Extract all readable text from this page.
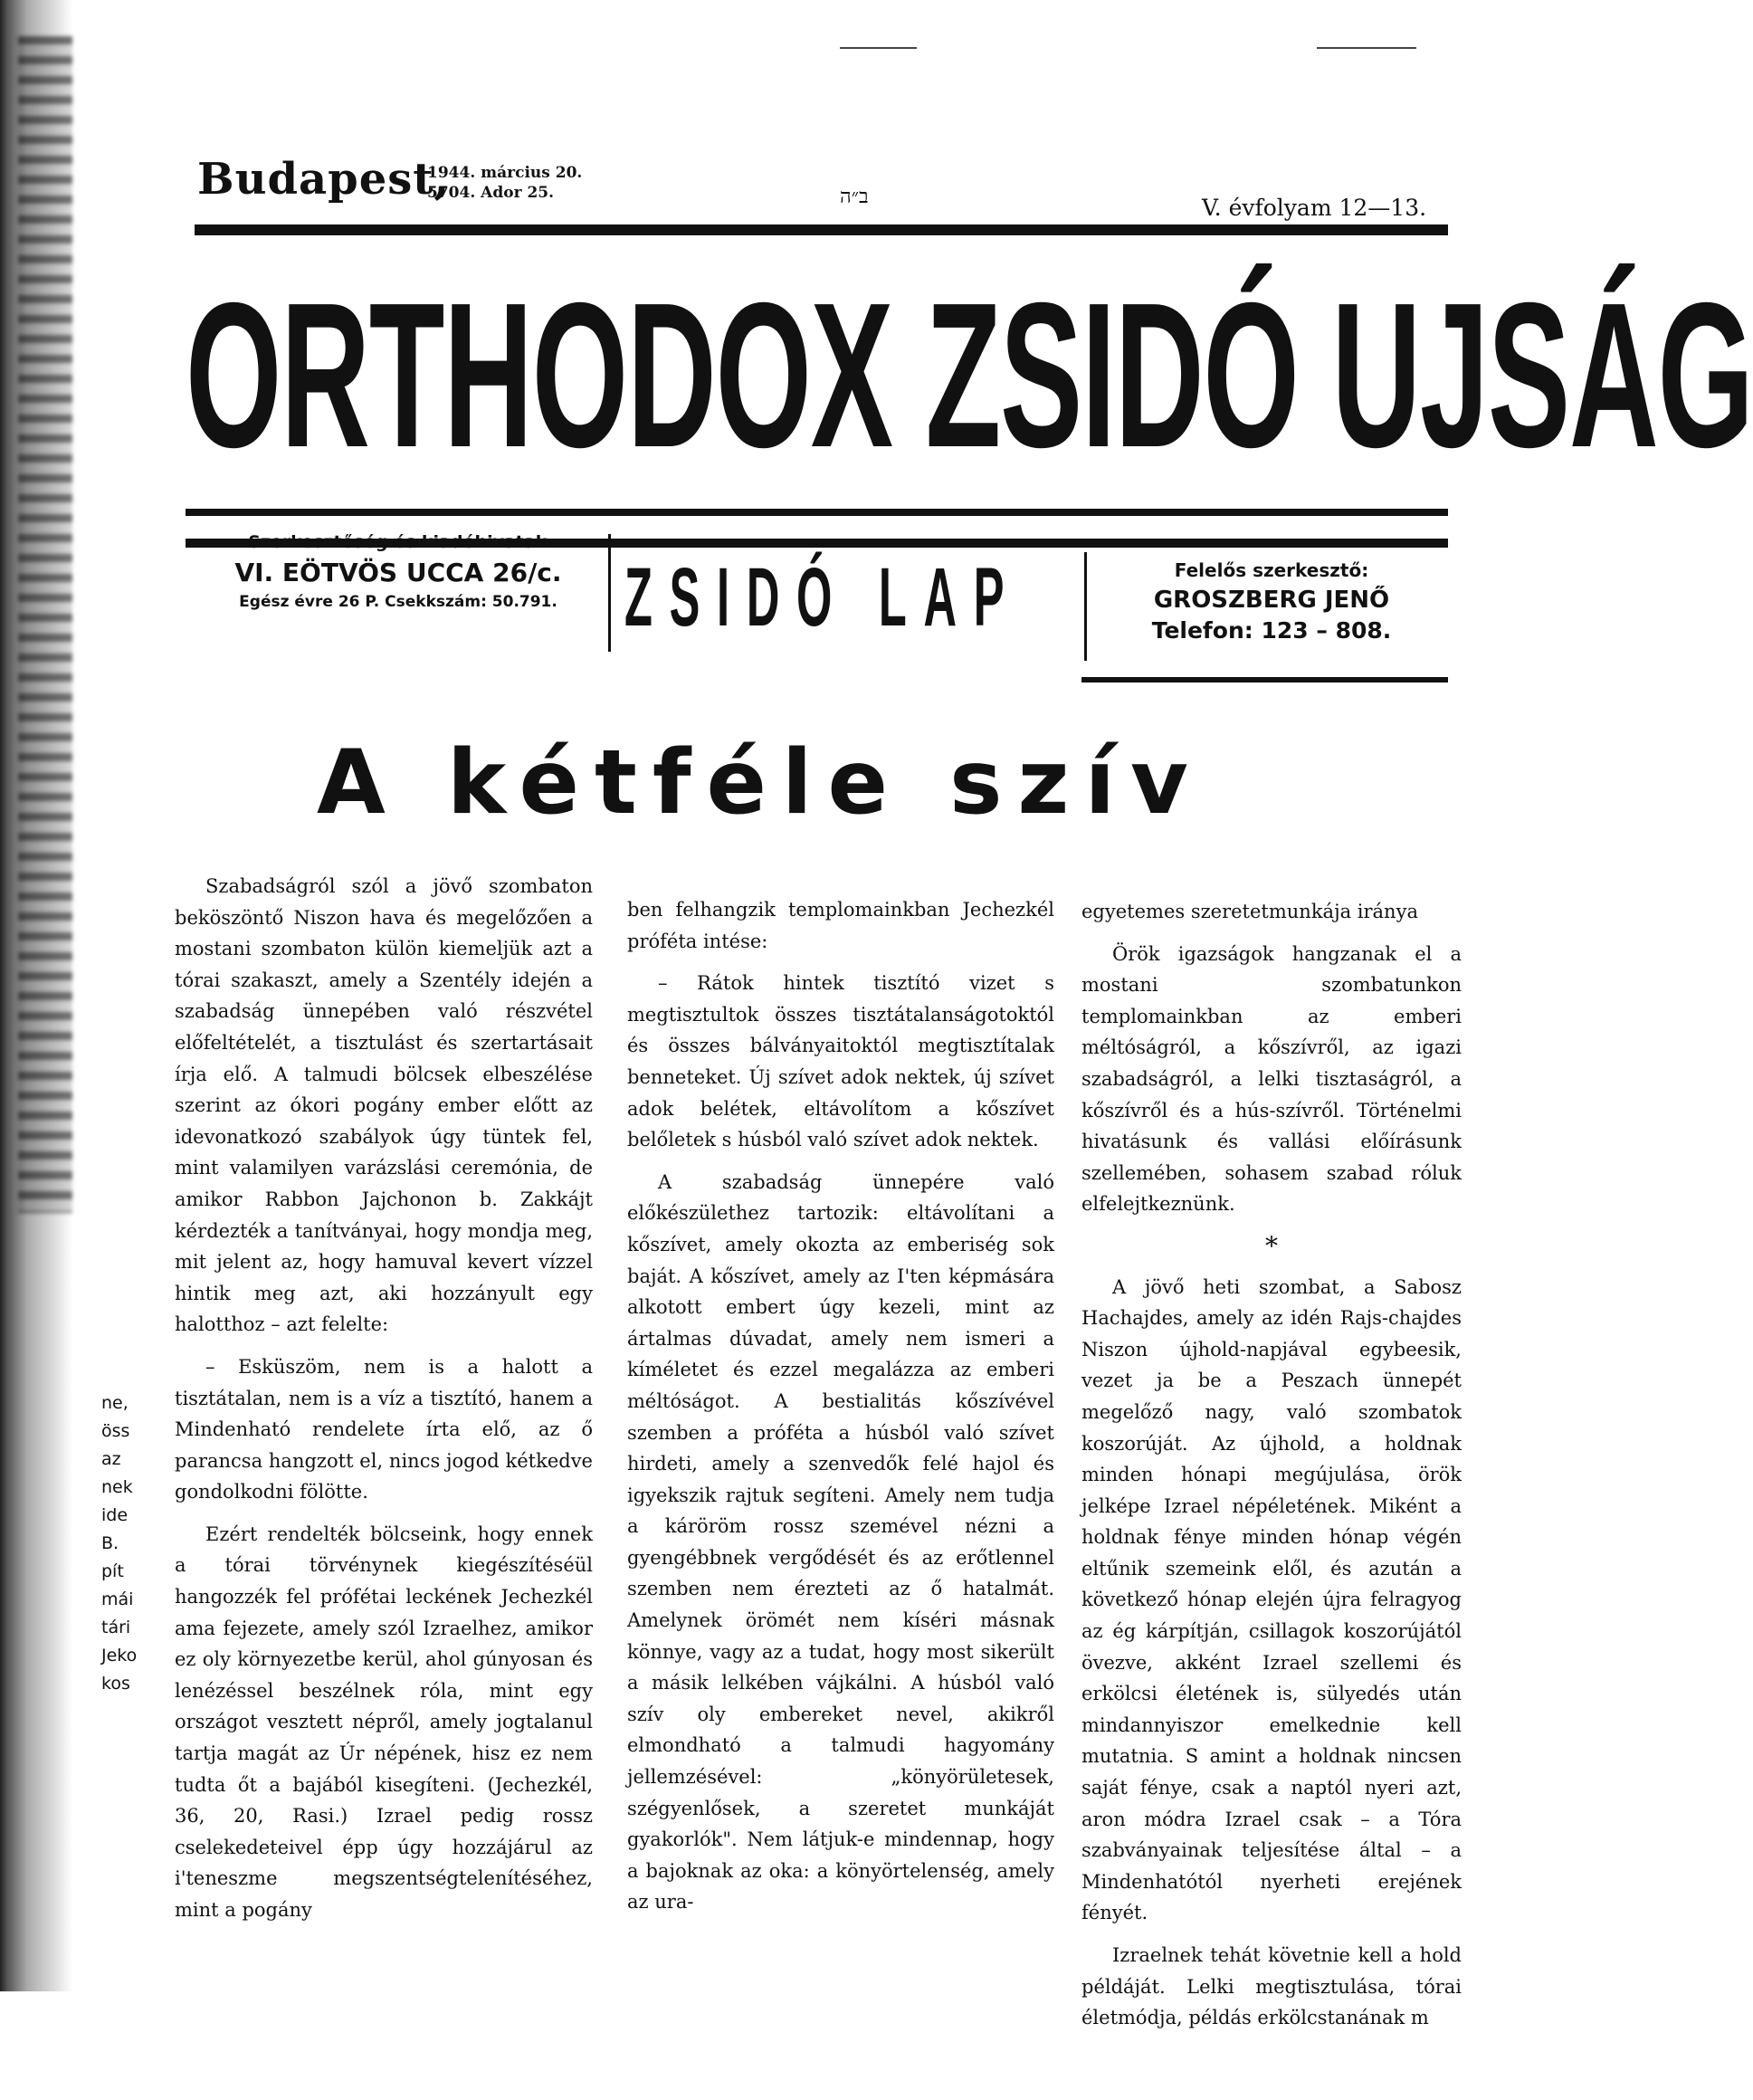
Budapest,
1944. március 20.
5704. Ador 25.	ב״ה	V. évfolyam 12—13.
ORTHODOX ZSIDÓ UJSÁG
Szerkesztőség és kiadóhivatal:
VI. EÖTVÖS UCCA 26/c.
Egész évre 26 P. Csekkszám: 50.791. ZSIDÓ LAP	Felelős szerkesztő:
GROSZBERG JENŐ
Telefon: 123 – 808.
A kétféle szív
ne,
öss
az
nek
ide
B.
pít
mái
tári
Jeko
kos

Szabadságról szól a jövő szombaton beköszöntő Niszon hava és megelőzően a mostani szombaton külön kiemeljük azt a tórai szakaszt, amely a Szentély idején a szabadság ünnepében való részvétel előfeltételét, a tisztulást és szertartásait írja elő. A talmudi bölcsek elbeszélése szerint az ókori pogány ember előtt az idevonatkozó szabályok úgy tüntek fel, mint valamilyen varázslási ceremónia, de amikor Rabbon Jajchonon b. Zakkájt kérdezték a tanítványai, hogy mondja meg, mit jelent az, hogy hamuval kevert vízzel hintik meg azt, aki hozzányult egy halotthoz – azt felelte:

– Esküszöm, nem is a halott a tisztátalan, nem is a víz a tisztító, hanem a Mindenható rendelete írta elő, az ő parancsa hangzott el, nincs jogod kétkedve gondolkodni fölötte.

Ezért rendelték bölcseink, hogy ennek a tórai törvénynek kiegészítéséül hangozzék fel prófétai leckének Jechezkél ama fejezete, amely szól Izraelhez, amikor ez oly környezetbe kerül, ahol gúnyosan és lenézéssel beszélnek róla, mint egy országot vesztett népről, amely jogtalanul tartja magát az Úr népének, hisz ez nem tudta őt a bajából kisegíteni. (Jechezkél, 36, 20, Rasi.) Izrael pedig rossz cselekedeteivel épp úgy hozzájárul az i'teneszme megszentségtelenítéséhez, mint a pogány

ben felhangzik templomainkban Jechezkél próféta intése:

– Rátok hintek tisztító vizet s megtisztultok összes tisztátalanságotoktól és összes bálványaitoktól megtisztítalak benneteket. Új szívet adok nektek, új szívet adok belétek, eltávolítom a kőszívet belőletek s húsból való szívet adok nektek.

A szabadság ünnepére való előkészülethez tartozik: eltávolítani a kőszívet, amely okozta az emberiség sok baját. A kőszívet, amely az I'ten képmására alkotott embert úgy kezeli, mint az ártalmas dúvadat, amely nem ismeri a kíméletet és ezzel megalázza az emberi méltóságot. A bestialitás kőszívével szemben a próféta a húsból való szívet hirdeti, amely a szenvedők felé hajol és igyekszik rajtuk segíteni. Amely nem tudja a káröröm rossz szemével nézni a gyengébbnek vergődését és az erőtlennel szemben nem érezteti az ő hatalmát. Amelynek örömét nem kíséri másnak könnye, vagy az a tudat, hogy most sikerült a másik lelkében vájkálni. A húsból való szív oly embereket nevel, akikről elmondható a talmudi hagyomány jellemzésével: „könyörületesek, szégyenlősek, a szeretet munkáját gyakorlók". Nem látjuk-e mindennap, hogy a bajoknak az oka: a könyörtelenség, amely az ura-

egyetemes szeretetmunkája iránya

Örök igazságok hangzanak el a mostani szombatunkon templomainkban az emberi méltóságról, a kőszívről, az igazi szabadságról, a lelki tisztaságról, a kőszívről és a hús-szívről. Történelmi hivatásunk és vallási előírásunk szellemében, sohasem szabad róluk elfelejtkeznünk.

*

A jövő heti szombat, a Sabosz Hachajdes, amely az idén Rajs-chajdes Niszon újhold-napjával egybeesik, vezet ja be a Peszach ünnepét megelőző nagy, való szombatok koszorúját. Az újhold, a holdnak minden hónapi megújulása, örök jelképe Izrael népéletének. Miként a holdnak fénye minden hónap végén eltűnik szemeink elől, és azután a következő hónap elején újra felragyog az ég kárpítján, csillagok koszorújától övezve, akként Izrael szellemi és erkölcsi életének is, sülyedés után mindannyiszor emelkednie kell mutatnia. S amint a holdnak nincsen saját fénye, csak a naptól nyeri azt, aron módra Izrael csak – a Tóra szabványainak teljesítése által – a Mindenhatótól nyerheti erejének fényét.

Izraelnek tehát követnie kell a hold példáját. Lelki megtisztulása, tórai életmódja, példás erkölcstanának m
